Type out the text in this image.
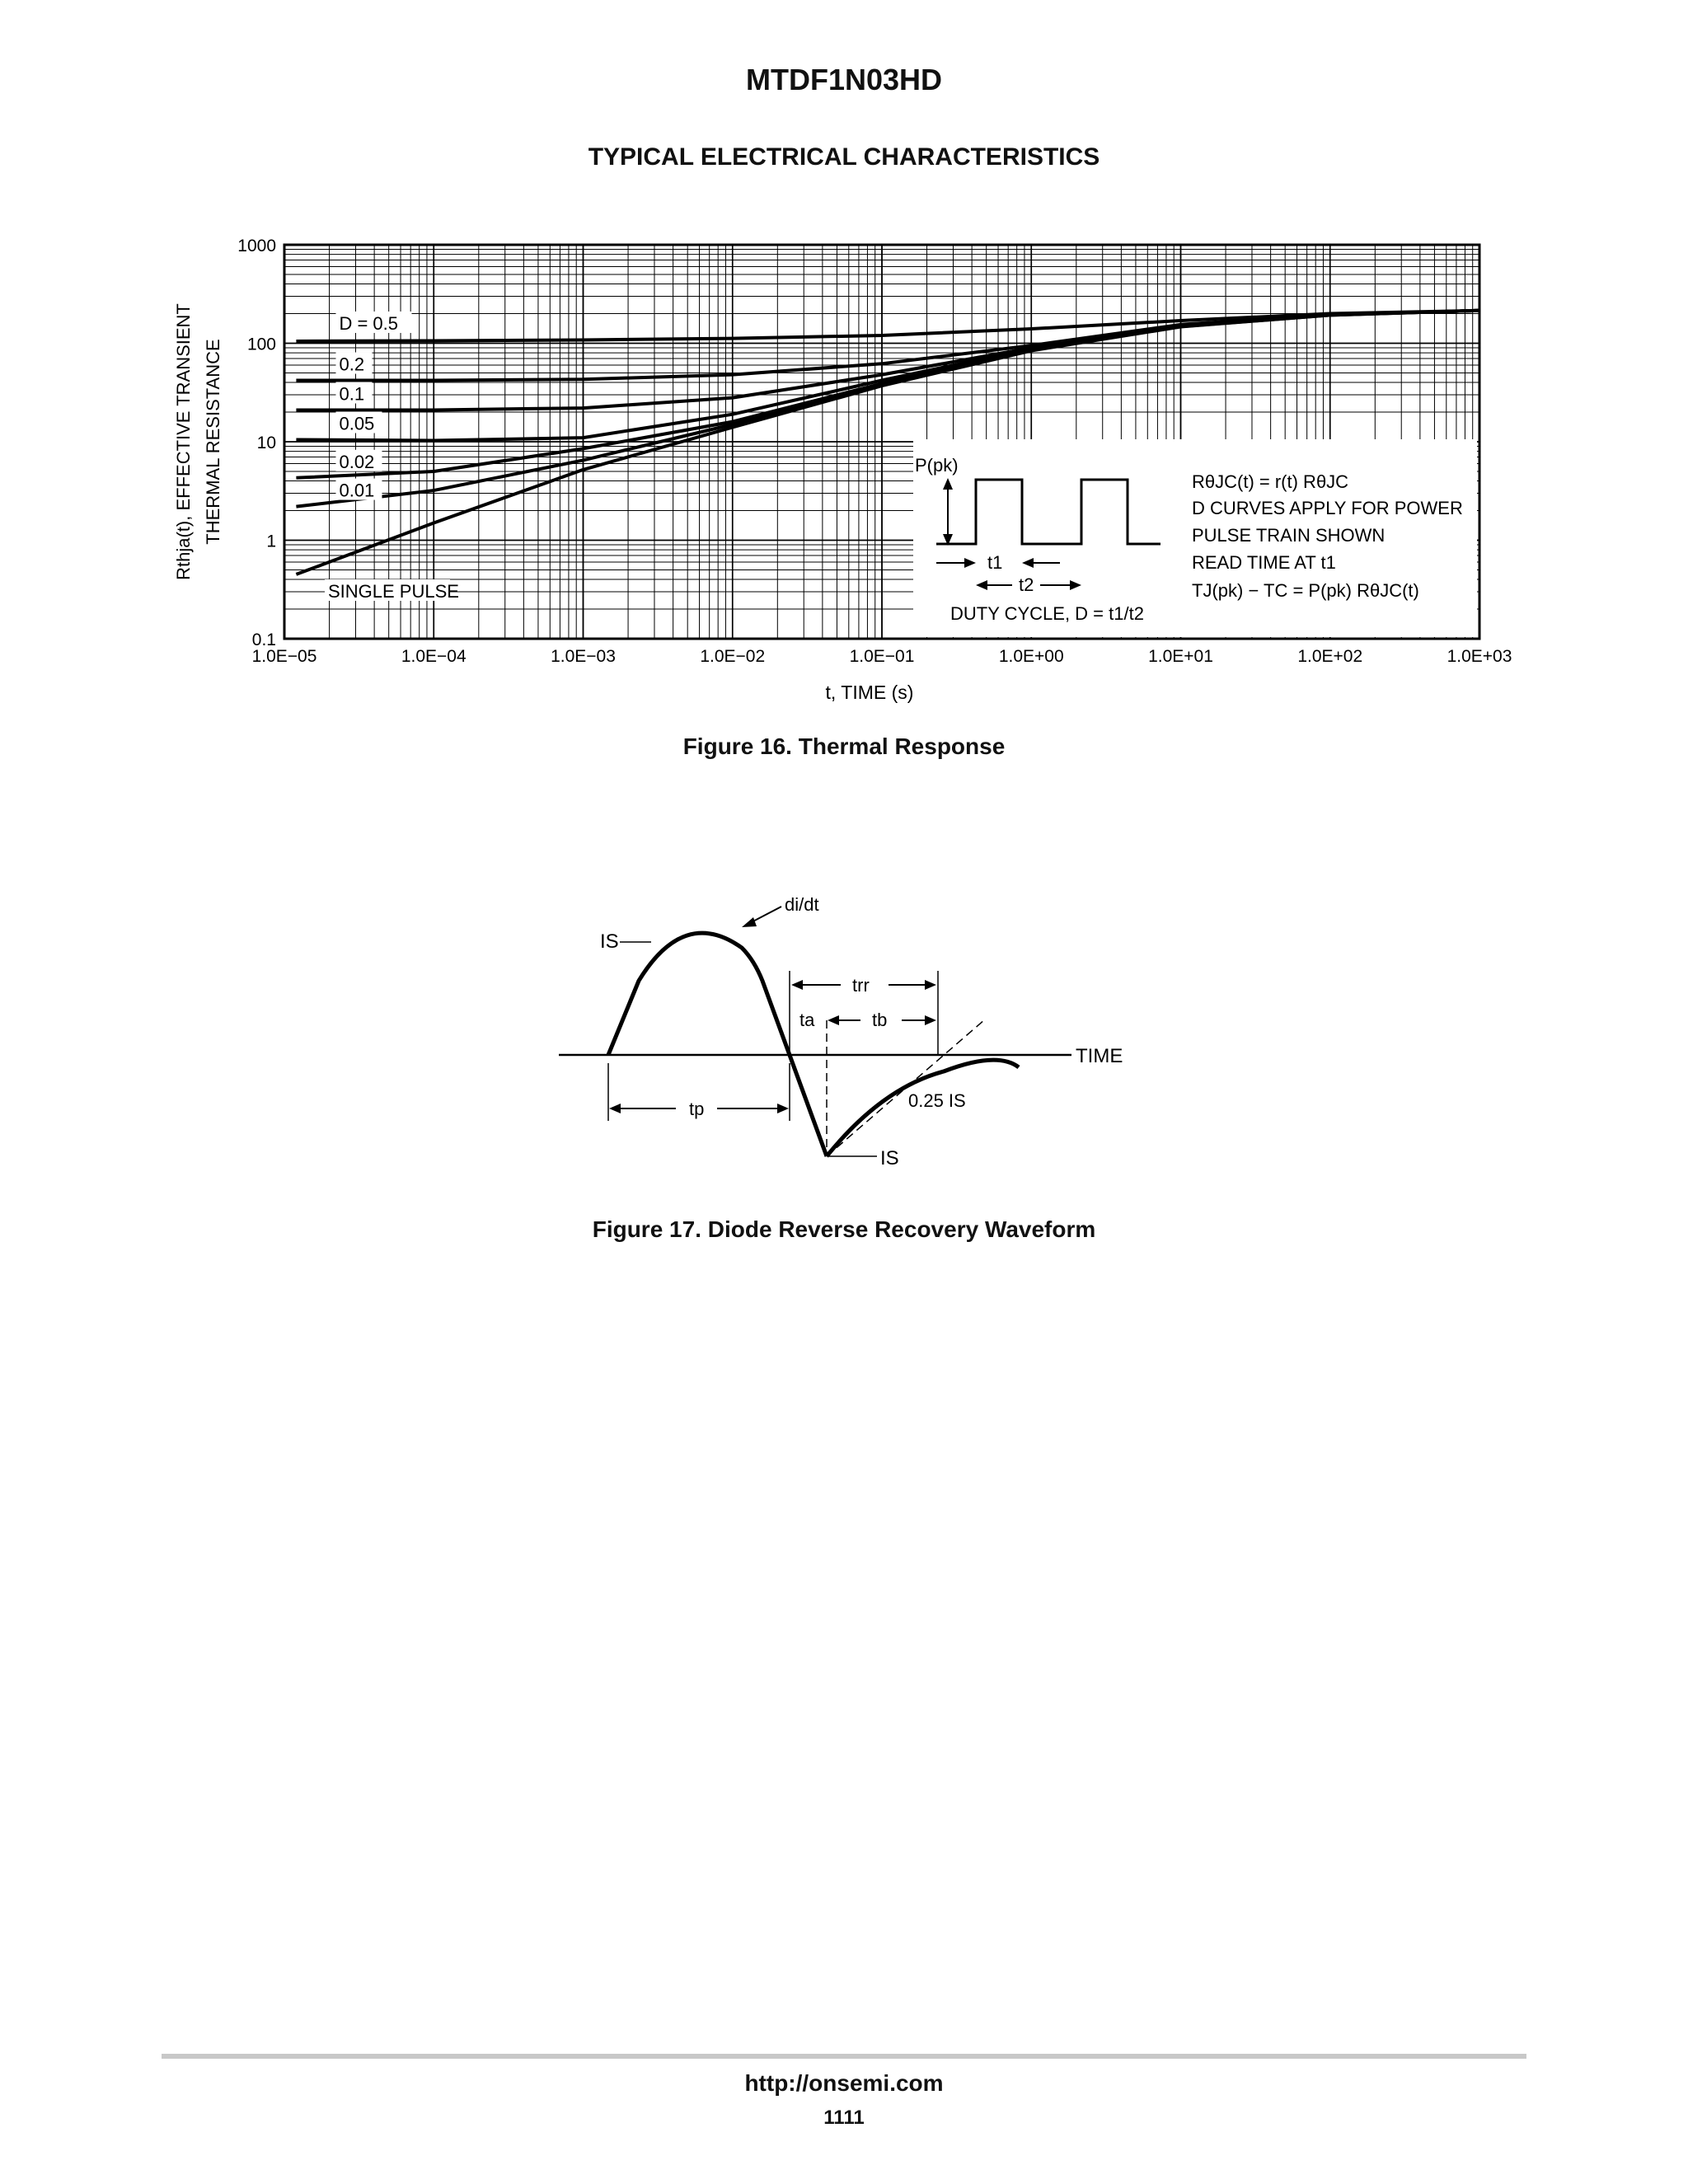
MTDF1N03HD
TYPICAL ELECTRICAL CHARACTERISTICS
1.0E−05	1.0E−04	1.0E−03	1.0E−02	1.0E−01	1.0E+00	1.0E+01	1.0E+02	1.0E+03
0.1
1
10
100
1000
D = 0.5
0.2
0.1
0.05
0.02
0.01
SINGLE PULSE
P(pk)
t1
t2
DUTY CYCLE, D = t1/t2
RθJC(t) = r(t) RθJC
D CURVES APPLY FOR POWER
PULSE TRAIN SHOWN
READ TIME AT t1
TJ(pk) − TC = P(pk) RθJC(t)
t, TIME (s)
Rthja(t), EFFECTIVE TRANSIENT THERMAL RESISTANCE
Figure 16. Thermal Response
IS
di/dt
trr
ta	tb
TIME
tp	0.25 IS
IS
Figure 17. Diode Reverse Recovery Waveform
http://onsemi.com
1111
